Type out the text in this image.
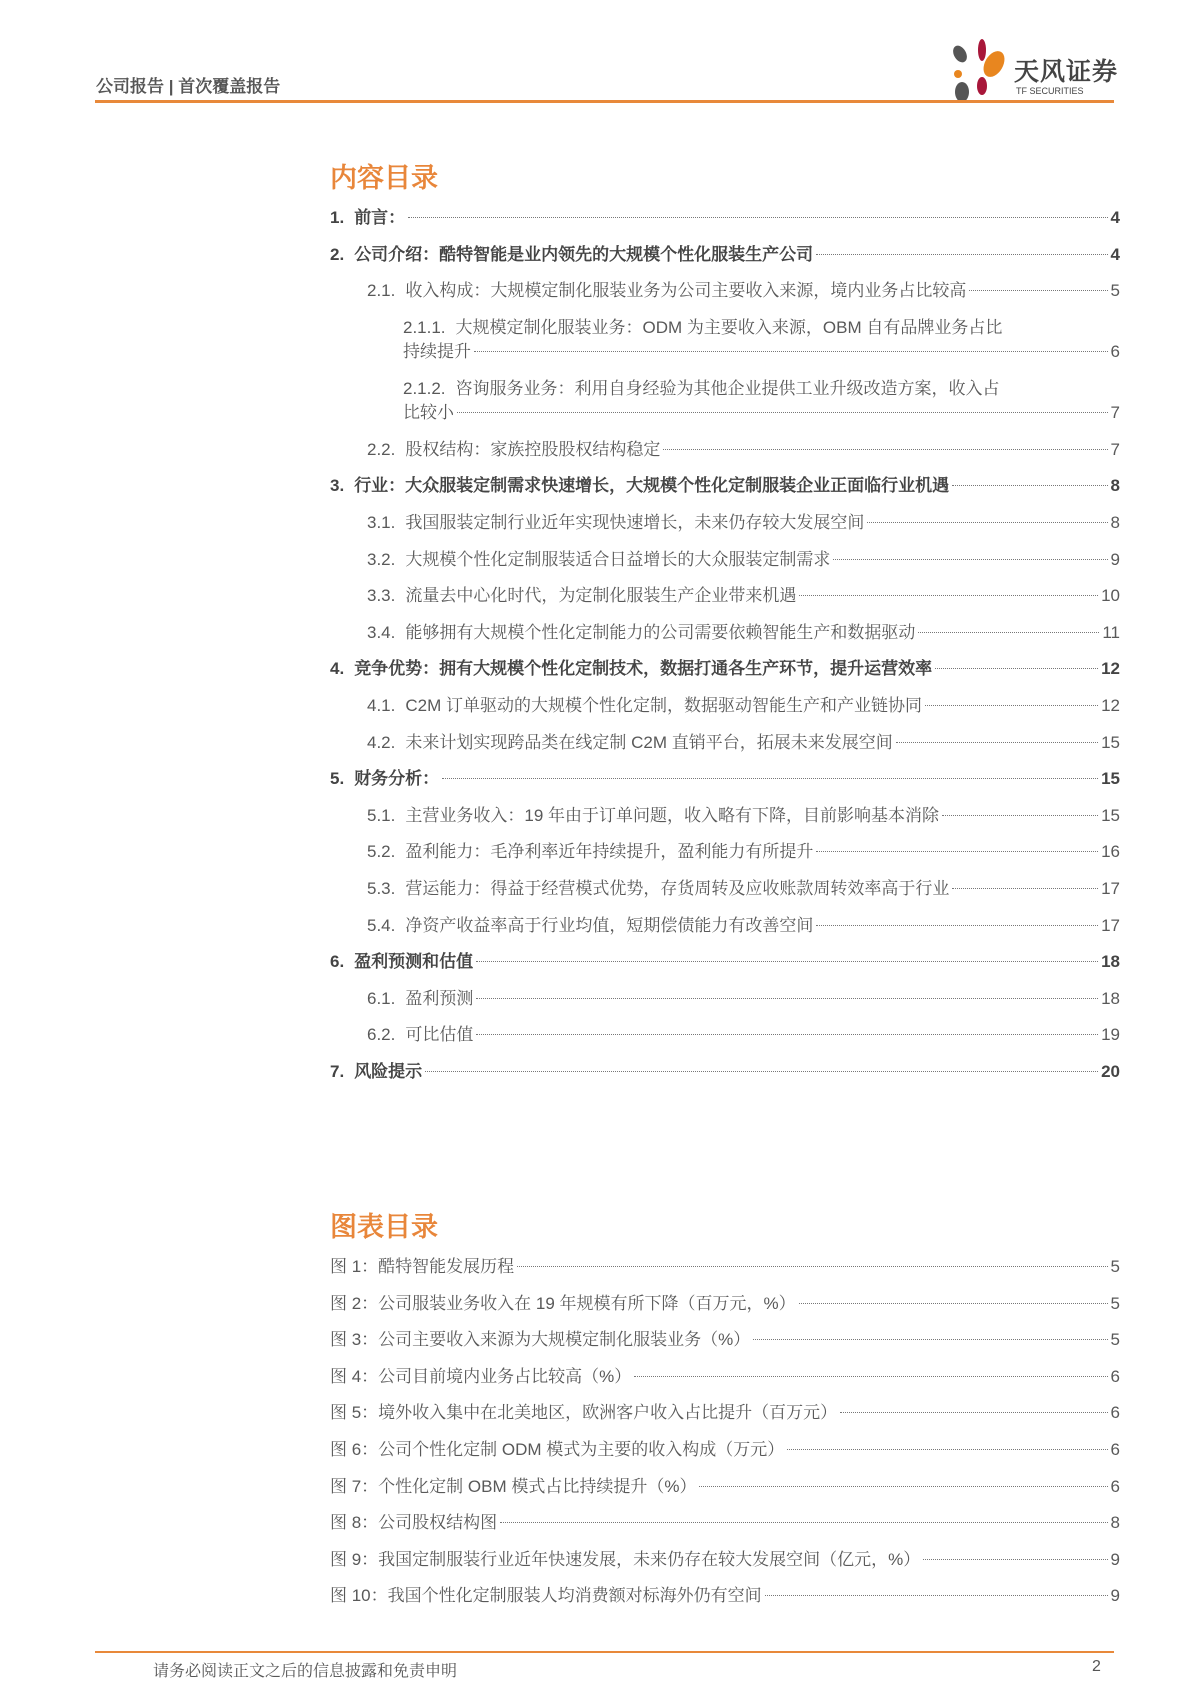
公司报告 | 首次覆盖报告
天风证券
TF SECURITIES
内容目录
1. 前言：	4
2. 公司介绍：酷特智能是业内领先的大规模个性化服装生产公司	4
2.1. 收入构成：大规模定制化服装业务为公司主要收入来源，境内业务占比较高	5
2.1.1. 大规模定制化服装业务：ODM 为主要收入来源，OBM 自有品牌业务占比
持续提升	6
2.1.2. 咨询服务业务：利用自身经验为其他企业提供工业升级改造方案，收入占
比较小	7
2.2. 股权结构：家族控股股权结构稳定	7
3. 行业：大众服装定制需求快速增长，大规模个性化定制服装企业正面临行业机遇	8
3.1. 我国服装定制行业近年实现快速增长，未来仍存较大发展空间	8
3.2. 大规模个性化定制服装适合日益增长的大众服装定制需求	9
3.3. 流量去中心化时代，为定制化服装生产企业带来机遇	10
3.4. 能够拥有大规模个性化定制能力的公司需要依赖智能生产和数据驱动	11
4. 竞争优势：拥有大规模个性化定制技术，数据打通各生产环节，提升运营效率	12
4.1. C2M 订单驱动的大规模个性化定制，数据驱动智能生产和产业链协同	12
4.2. 未来计划实现跨品类在线定制 C2M 直销平台，拓展未来发展空间	15
5. 财务分析：	15
5.1. 主营业务收入：19 年由于订单问题，收入略有下降，目前影响基本消除	15
5.2. 盈利能力：毛净利率近年持续提升，盈利能力有所提升	16
5.3. 营运能力：得益于经营模式优势，存货周转及应收账款周转效率高于行业	17
5.4. 净资产收益率高于行业均值，短期偿债能力有改善空间	17
6. 盈利预测和估值	18
6.1. 盈利预测	18
6.2. 可比估值	19
7. 风险提示	20
图表目录
图 1：酷特智能发展历程	5
图 2：公司服装业务收入在 19 年规模有所下降（百万元，%）	5
图 3：公司主要收入来源为大规模定制化服装业务（%）	5
图 4：公司目前境内业务占比较高（%）	6
图 5：境外收入集中在北美地区，欧洲客户收入占比提升（百万元）	6
图 6：公司个性化定制 ODM 模式为主要的收入构成（万元）	6
图 7：个性化定制 OBM 模式占比持续提升（%）	6
图 8：公司股权结构图	8
图 9：我国定制服装行业近年快速发展，未来仍存在较大发展空间（亿元，%）	9
图 10：我国个性化定制服装人均消费额对标海外仍有空间	9
请务必阅读正文之后的信息披露和免责申明	2
